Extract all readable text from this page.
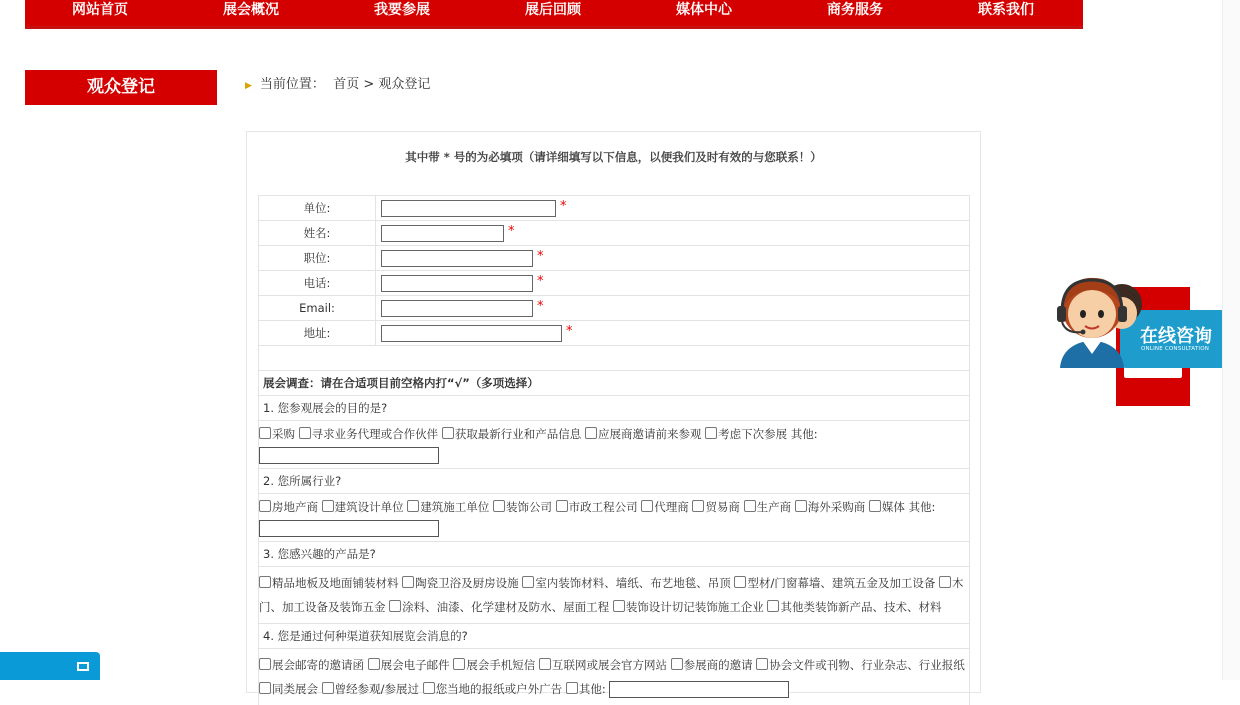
网站首页	展会概况	我要参展	展后回顾	媒体中心	商务服务	联系我们
观众登记	▶ 当前位置： 首页 > 观众登记
其中带 * 号的为必填项（请详细填写以下信息，以便我们及时有效的与您联系！）
单位:	*
姓名:	*
职位:	*
电话:	*
Email:	*
地址:	*
展会调查：请在合适项目前空格内打“√”（多项选择）
1. 您参观展会的目的是?
采购 寻求业务代理或合作伙伴 获取最新行业和产品信息 应展商邀请前来参观 考虑下次参展 其他:
2. 您所属行业?
房地产商 建筑设计单位 建筑施工单位 装饰公司 市政工程公司 代理商 贸易商 生产商 海外采购商 媒体 其他:
3. 您感兴趣的产品是?
精品地板及地面铺装材料 陶瓷卫浴及厨房设施 室内装饰材料、墙纸、布艺地毯、吊顶 型材/门窗幕墙、建筑五金及加工设备 木门、加工设备及装饰五金 涂料、油漆、化学建材及防水、屋面工程 装饰设计切记装饰施工企业 其他类装饰新产品、技术、材料
4. 您是通过何种渠道获知展览会消息的?
展会邮寄的邀请函 展会电子邮件 展会手机短信 互联网或展会官方网站 参展商的邀请 协会文件或刊物、行业杂志、行业报纸 同类展会 曾经参观/参展过 您当地的报纸或户外广告 其他:
在线咨询
ONLINE CONSULTATION
